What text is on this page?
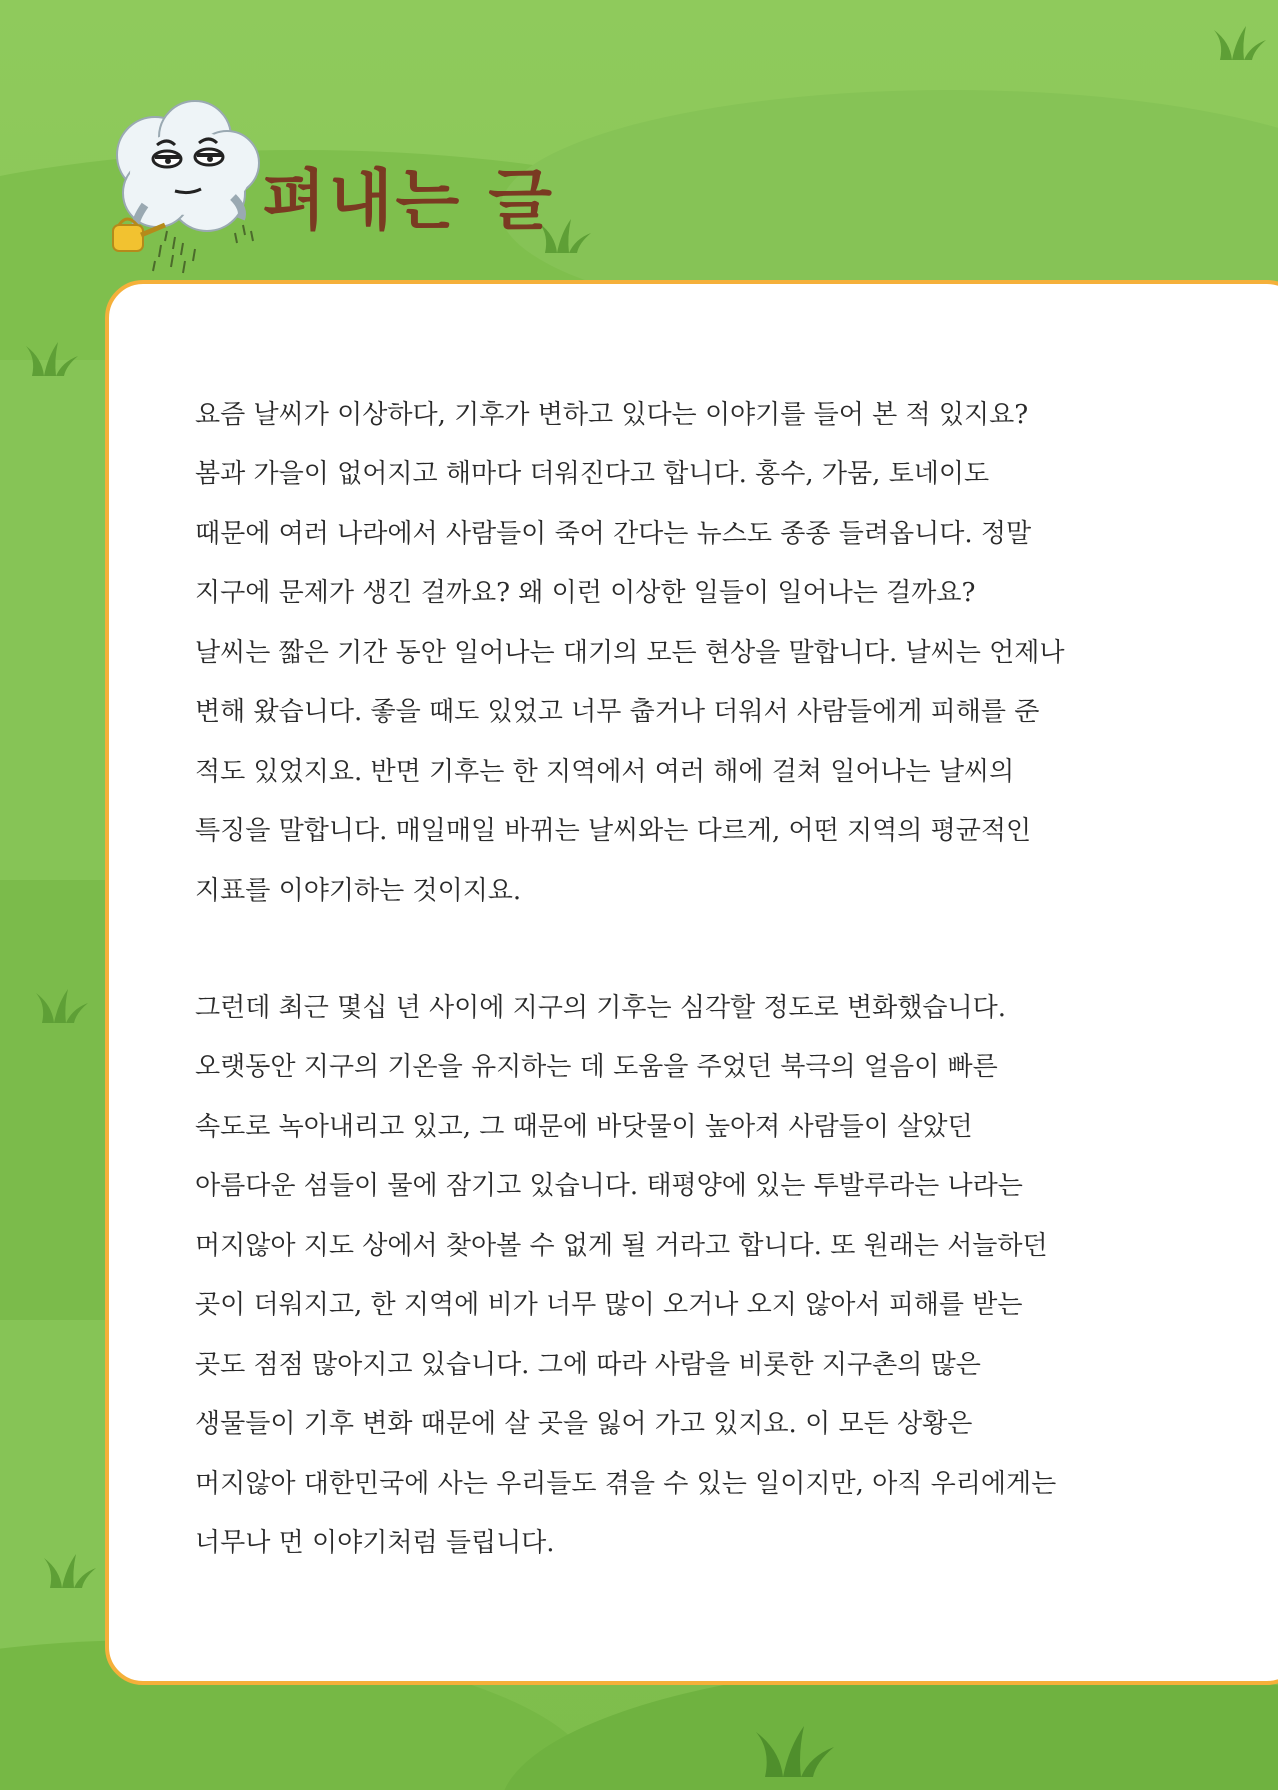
펴내는 글
요즘 날씨가 이상하다, 기후가 변하고 있다는 이야기를 들어 본 적 있지요?
봄과 가을이 없어지고 해마다 더워진다고 합니다. 홍수, 가뭄, 토네이도
때문에 여러 나라에서 사람들이 죽어 간다는 뉴스도 종종 들려옵니다. 정말
지구에 문제가 생긴 걸까요? 왜 이런 이상한 일들이 일어나는 걸까요?
날씨는 짧은 기간 동안 일어나는 대기의 모든 현상을 말합니다. 날씨는 언제나
변해 왔습니다. 좋을 때도 있었고 너무 춥거나 더워서 사람들에게 피해를 준
적도 있었지요. 반면 기후는 한 지역에서 여러 해에 걸쳐 일어나는 날씨의
특징을 말합니다. 매일매일 바뀌는 날씨와는 다르게, 어떤 지역의 평균적인
지표를 이야기하는 것이지요.
그런데 최근 몇십 년 사이에 지구의 기후는 심각할 정도로 변화했습니다.
오랫동안 지구의 기온을 유지하는 데 도움을 주었던 북극의 얼음이 빠른
속도로 녹아내리고 있고, 그 때문에 바닷물이 높아져 사람들이 살았던
아름다운 섬들이 물에 잠기고 있습니다. 태평양에 있는 투발루라는 나라는
머지않아 지도 상에서 찾아볼 수 없게 될 거라고 합니다. 또 원래는 서늘하던
곳이 더워지고, 한 지역에 비가 너무 많이 오거나 오지 않아서 피해를 받는
곳도 점점 많아지고 있습니다. 그에 따라 사람을 비롯한 지구촌의 많은
생물들이 기후 변화 때문에 살 곳을 잃어 가고 있지요. 이 모든 상황은
머지않아 대한민국에 사는 우리들도 겪을 수 있는 일이지만, 아직 우리에게는
너무나 먼 이야기처럼 들립니다.
